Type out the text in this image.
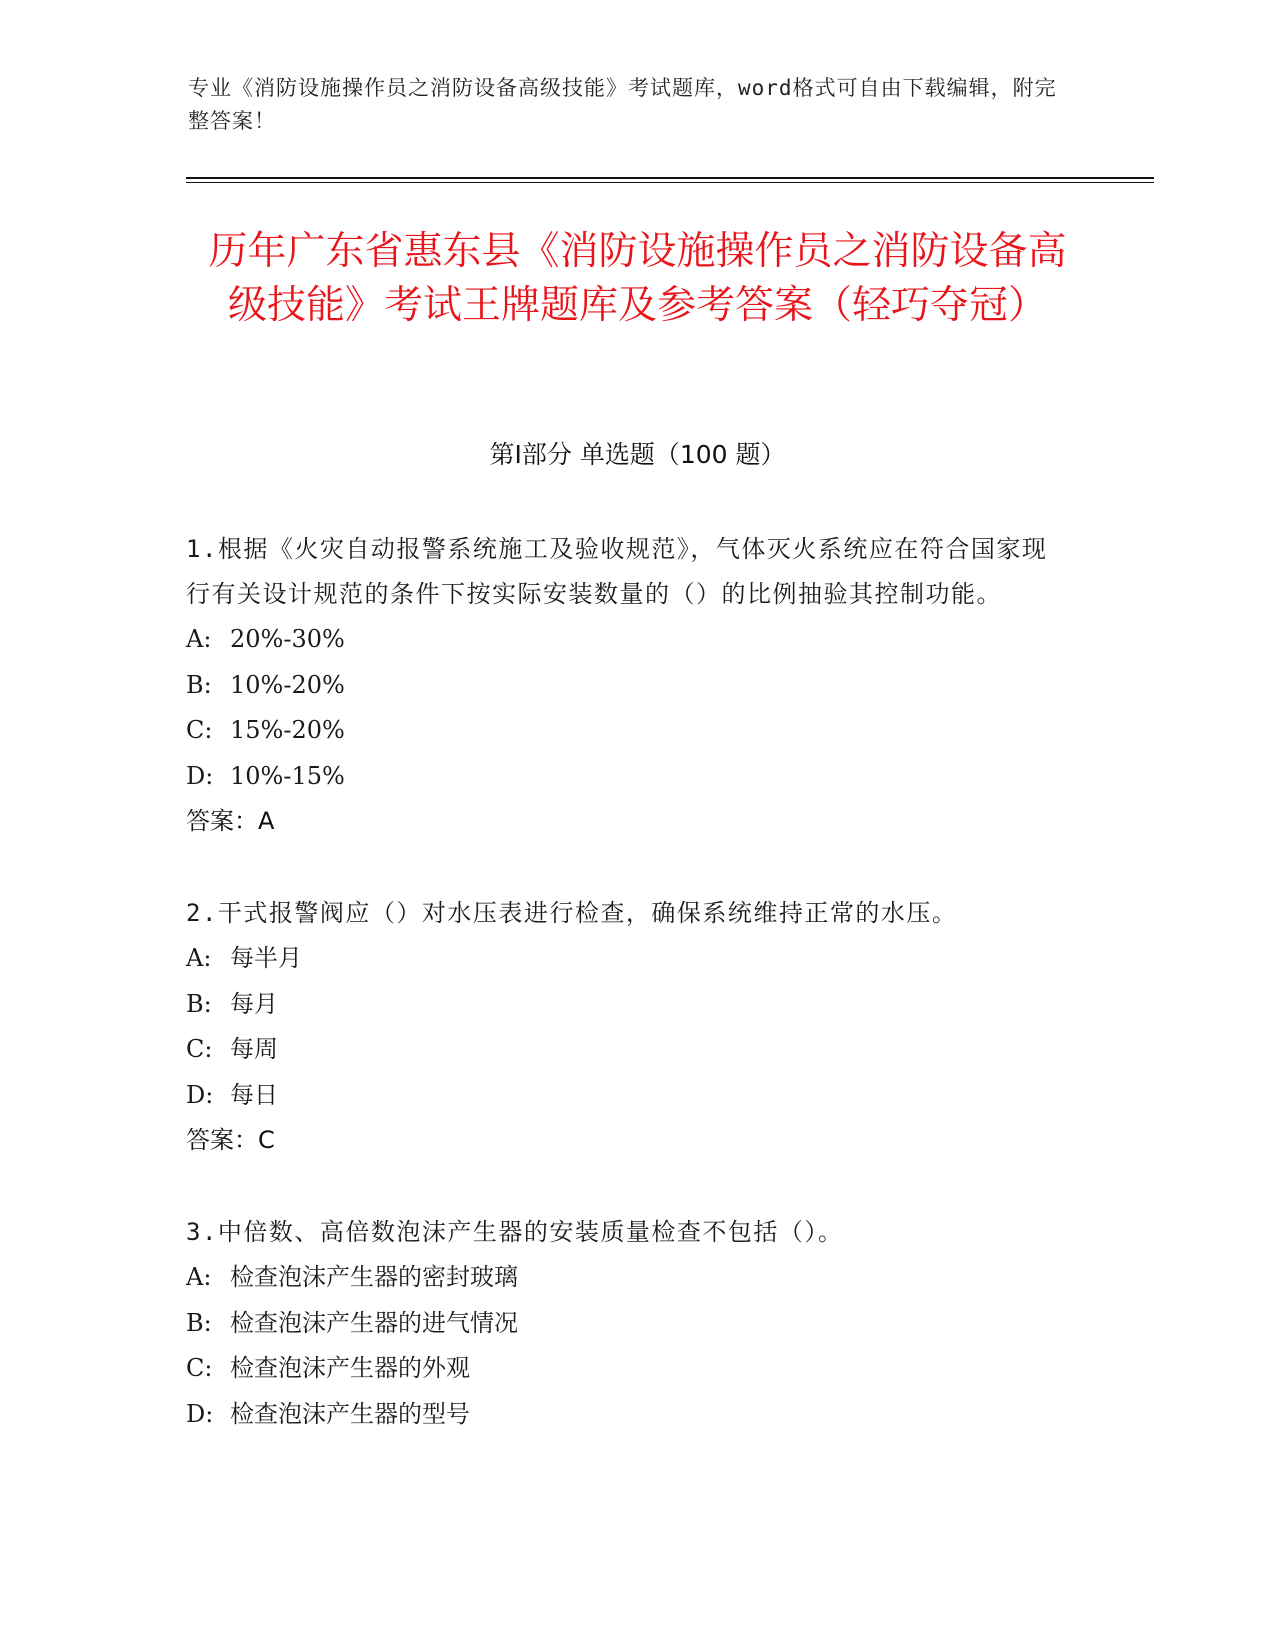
专业《消防设施操作员之消防设备高级技能》考试题库，word格式可自由下载编辑，附完整答案！
历年广东省惠东县《消防设施操作员之消防设备高级技能》考试王牌题库及参考答案（轻巧夺冠）
第Ⅰ部分 单选题（100 题）
1.根据《火灾自动报警系统施工及验收规范》，气体灭火系统应在符合国家现行有关设计规范的条件下按实际安装数量的（）的比例抽验其控制功能。
A: 20%-30%
B: 10%-20%
C: 15%-20%
D: 10%-15%
答案：A
2.干式报警阀应（）对水压表进行检查，确保系统维持正常的水压。
A: 每半月
B: 每月
C: 每周
D: 每日
答案：C
3.中倍数、高倍数泡沫产生器的安装质量检查不包括（）。
A: 检查泡沫产生器的密封玻璃
B: 检查泡沫产生器的进气情况
C: 检查泡沫产生器的外观
D: 检查泡沫产生器的型号
